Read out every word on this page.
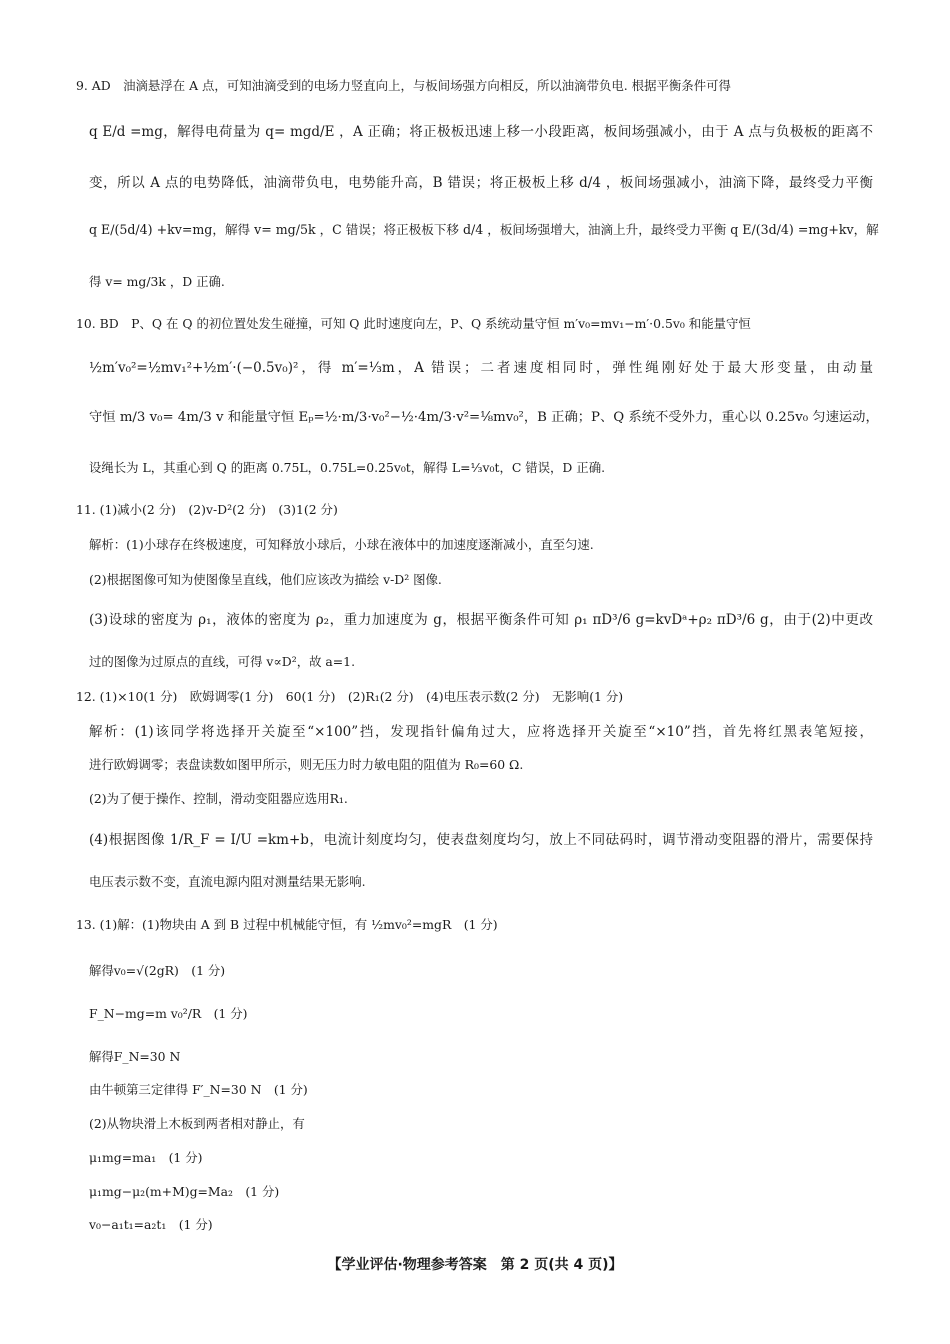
9. AD　油滴悬浮在 A 点，可知油滴受到的电场力竖直向上，与板间场强方向相反，所以油滴带负电. 根据平衡条件可得
q E/d =mg，解得电荷量为 q= mgd/E ，A 正确；将正极板迅速上移一小段距离，板间场强减小，由于 A 点与负极板的距离不
变，所以 A 点的电势降低，油滴带负电，电势能升高，B 错误；将正极板上移 d/4 ，板间场强减小，油滴下降，最终受力平衡
q E/(5d/4) +kv=mg，解得 v= mg/5k ，C 错误；将正极板下移 d/4 ，板间场强增大，油滴上升，最终受力平衡 q E/(3d/4) =mg+kv，解
得 v= mg/3k ，D 正确.
10. BD　P、Q 在 Q 的初位置处发生碰撞，可知 Q 此时速度向左，P、Q 系统动量守恒 m′v₀=mv₁−m′·0.5v₀ 和能量守恒
½m′v₀²=½mv₁²+½m′·(−0.5v₀)²，得 m′=⅓m，A 错误；二者速度相同时，弹性绳刚好处于最大形变量，由动量
守恒 m/3 v₀= 4m/3 v 和能量守恒 Eₚ=½·m/3·v₀²−½·4m/3·v²=⅛mv₀²，B 正确；P、Q 系统不受外力，重心以 0.25v₀ 匀速运动，
设绳长为 L，其重心到 Q 的距离 0.75L，0.75L=0.25v₀t，解得 L=⅓v₀t，C 错误，D 正确.
11. (1)减小(2 分)　(2)v-D²(2 分)　(3)1(2 分)
解析：(1)小球存在终极速度，可知释放小球后，小球在液体中的加速度逐渐减小，直至匀速.
(2)根据图像可知为使图像呈直线，他们应该改为描绘 v-D² 图像.
(3)设球的密度为 ρ₁，液体的密度为 ρ₂，重力加速度为 g，根据平衡条件可知 ρ₁ πD³/6 g=kvDᵃ+ρ₂ πD³/6 g，由于(2)中更改
过的图像为过原点的直线，可得 v∝D²，故 a=1.
12. (1)×10(1 分)　欧姆调零(1 分)　60(1 分)　(2)R₁(2 分)　(4)电压表示数(2 分)　无影响(1 分)
解析：(1)该同学将选择开关旋至“×100”挡，发现指针偏角过大，应将选择开关旋至“×10”挡，首先将红黑表笔短接，
进行欧姆调零；表盘读数如图甲所示，则无压力时力敏电阻的阻值为 R₀=60 Ω.
(2)为了便于操作、控制，滑动变阻器应选用R₁.
(4)根据图像 1/R_F = I/U =km+b，电流计刻度均匀，使表盘刻度均匀，放上不同砝码时，调节滑动变阻器的滑片，需要保持
电压表示数不变，直流电源内阻对测量结果无影响.
13. (1)解：(1)物块由 A 到 B 过程中机械能守恒，有 ½mv₀²=mgR　(1 分)
解得v₀=√(2gR)　(1 分)
F_N−mg=m v₀²/R　(1 分)
解得F_N=30 N
由牛顿第三定律得 F′_N=30 N　(1 分)
(2)从物块滑上木板到两者相对静止，有
μ₁mg=ma₁　(1 分)
μ₁mg−μ₂(m+M)g=Ma₂　(1 分)
v₀−a₁t₁=a₂t₁　(1 分)
【学业评估·物理参考答案　第 2 页(共 4 页)】
